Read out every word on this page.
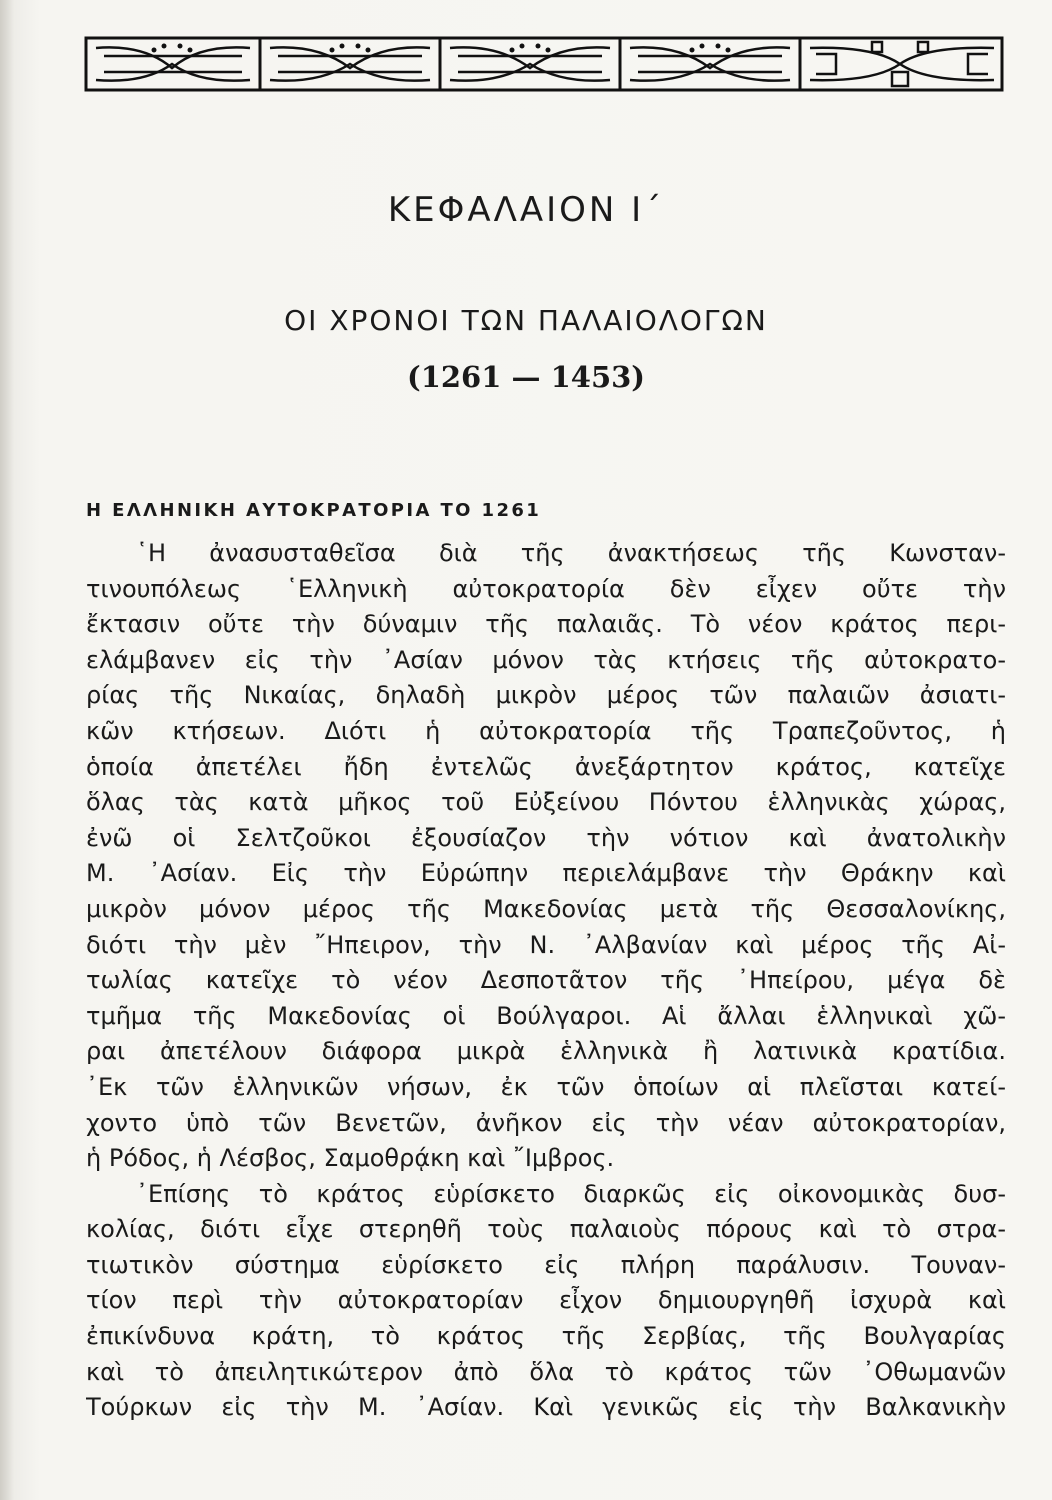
ΚΕΦΑΛΑΙΟΝ Ι΄
ΟΙ ΧΡΟΝΟΙ ΤΩΝ ΠΑΛΑΙΟΛΟΓΩΝ
(1261 — 1453)
Η ΕΛΛΗΝΙΚΗ ΑΥΤΟΚΡΑΤΟΡΙΑ ΤΟ 1261
῾Η ἀνασυσταθεῖσα διὰ τῆς ἀνακτήσεως τῆς Κωνσταν-
τινουπόλεως ῾Ελληνικὴ αὐτοκρατορία δὲν εἶχεν οὔτε τὴν
ἔκτασιν οὔτε τὴν δύναμιν τῆς παλαιᾶς. Τὸ νέον κράτος περι-
ελάμβανεν εἰς τὴν ᾿Ασίαν μόνον τὰς κτήσεις τῆς αὐτοκρατο-
ρίας τῆς Νικαίας, δηλαδὴ μικρὸν μέρος τῶν παλαιῶν ἀσιατι-
κῶν κτήσεων. Διότι ἡ αὐτοκρατορία τῆς Τραπεζοῦντος, ἡ
ὁποία ἀπετέλει ἤδη ἐντελῶς ἀνεξάρτητον κράτος, κατεῖχε
ὅλας τὰς κατὰ μῆκος τοῦ Εὐξείνου Πόντου ἑλληνικὰς χώρας,
ἐνῶ οἱ Σελτζοῦκοι ἐξουσίαζον τὴν νότιον καὶ ἀνατολικὴν
Μ. ᾿Ασίαν. Εἰς τὴν Εὐρώπην περιελάμβανε τὴν Θράκην καὶ
μικρὸν μόνον μέρος τῆς Μακεδονίας μετὰ τῆς Θεσσαλονίκης,
διότι τὴν μὲν ῎Ηπειρον, τὴν Ν. ᾿Αλβανίαν καὶ μέρος τῆς Αἰ-
τωλίας κατεῖχε τὸ νέον Δεσποτᾶτον τῆς ᾿Ηπείρου, μέγα δὲ
τμῆμα τῆς Μακεδονίας οἱ Βούλγαροι. Αἱ ἄλλαι ἑλληνικαὶ χῶ-
ραι ἀπετέλουν διάφορα μικρὰ ἑλληνικὰ ἢ λατινικὰ κρατίδια.
᾿Εκ τῶν ἑλληνικῶν νήσων, ἐκ τῶν ὁποίων αἱ πλεῖσται κατεί-
χοντο ὑπὸ τῶν Βενετῶν, ἀνῆκον εἰς τὴν νέαν αὐτοκρατορίαν,
ἡ Ρόδος, ἡ Λέσβος, Σαμοθρᾴκη καὶ ῎Ιμβρος.
᾿Επίσης τὸ κράτος εὑρίσκετο διαρκῶς εἰς οἰκονομικὰς δυσ-
κολίας, διότι εἶχε στερηθῆ τοὺς παλαιοὺς πόρους καὶ τὸ στρα-
τιωτικὸν σύστημα εὑρίσκετο εἰς πλήρη παράλυσιν. Τουναν-
τίον περὶ τὴν αὐτοκρατορίαν εἶχον δημιουργηθῆ ἰσχυρὰ καὶ
ἐπικίνδυνα κράτη, τὸ κράτος τῆς Σερβίας, τῆς Βουλγαρίας
καὶ τὸ ἀπειλητικώτερον ἀπὸ ὅλα τὸ κράτος τῶν ᾿Οθωμανῶν
Τούρκων εἰς τὴν Μ. ᾿Ασίαν. Καὶ γενικῶς εἰς τὴν Βαλκανικὴν
